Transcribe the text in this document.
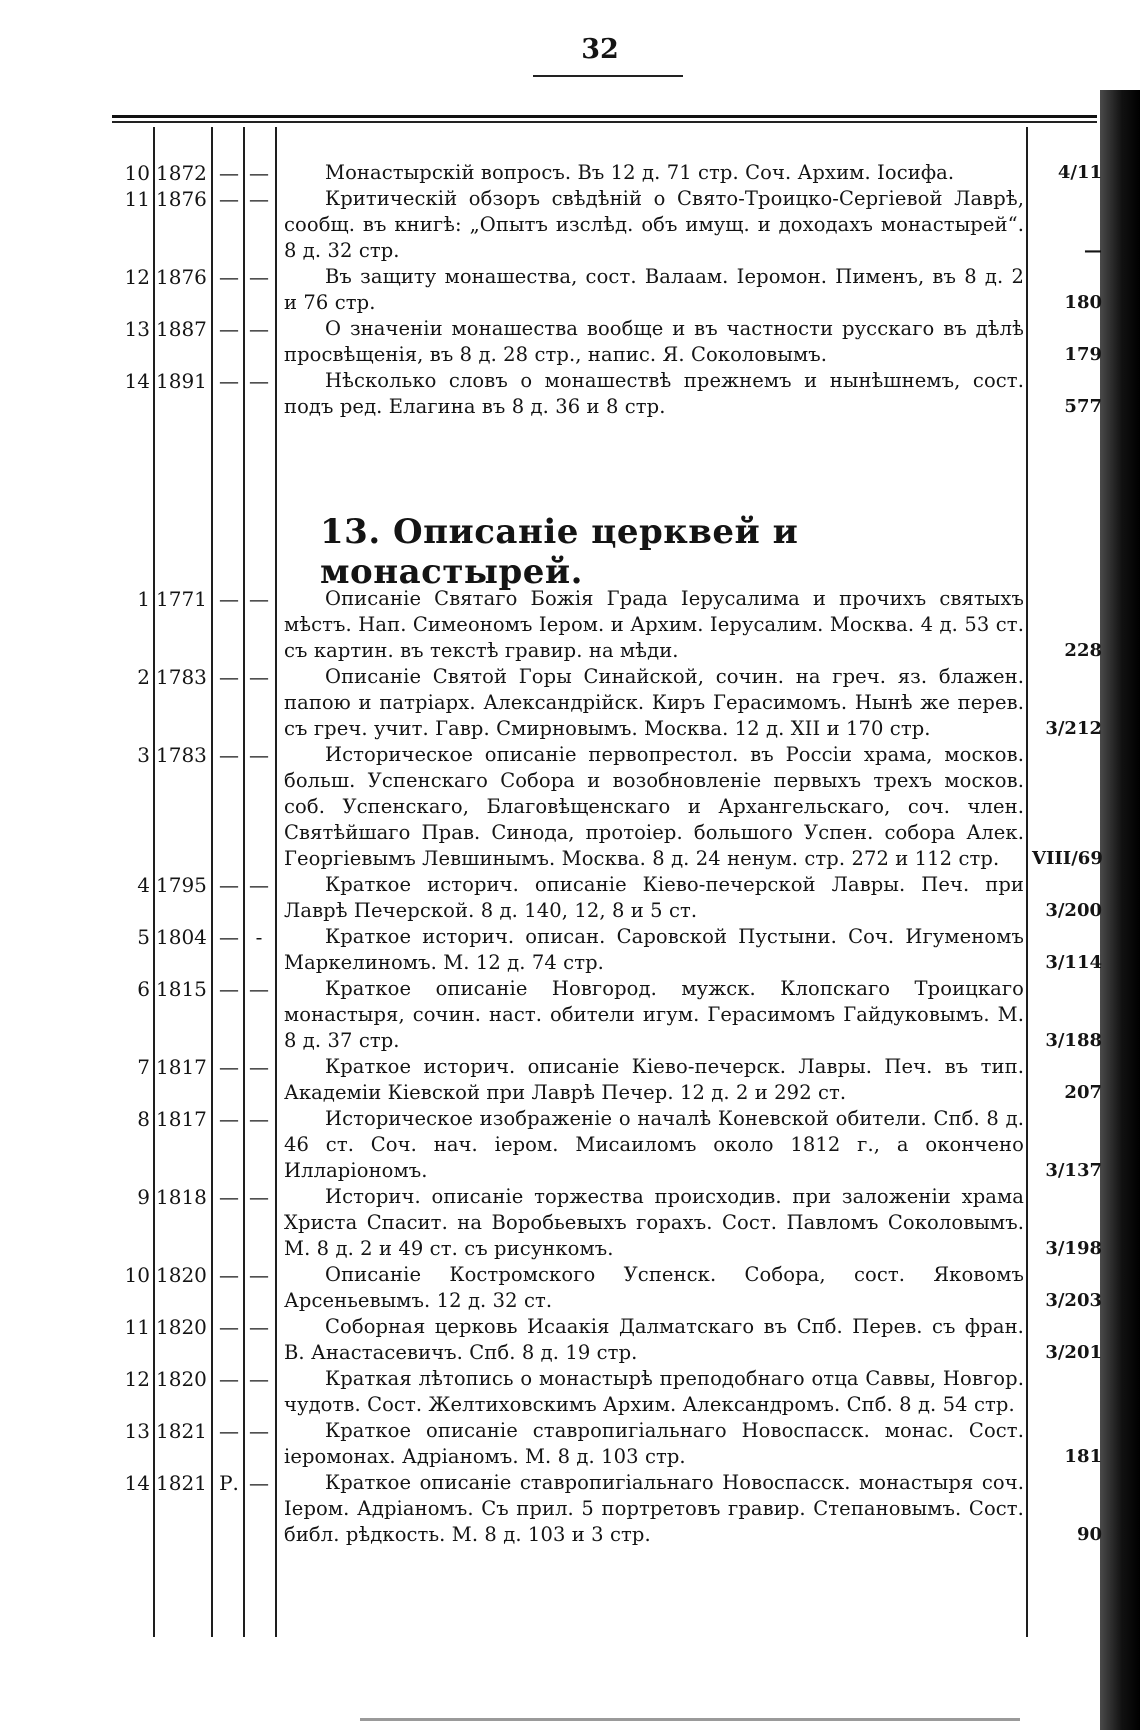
32
13. Описаніе церквей и монастырей.
10 1872 — —	Монастырскій вопросъ. Въ 12 д. 71 стр. Соч. Архим. Іосифа.	4/11
11 1876 — —	Критическій обзоръ свѣдѣній о Свято-Троицко-Сергіевой Лаврѣ, сообщ. въ книгѣ: „Опытъ изслѣд. объ имущ. и доходахъ монастырей“. 8 д. 32 стр.	—
12 1876 — —	Въ защиту монашества, сост. Валаам. Іеромон. Пименъ, въ 8 д. 2 и 76 стр.	180
13 1887 — —	О значеніи монашества вообще и въ частности русскаго въ дѣлѣ просвѣщенія, въ 8 д. 28 стр., напис. Я. Соколовымъ.	179
14 1891 — —	Нѣсколько словъ о монашествѣ прежнемъ и нынѣшнемъ, сост. подъ ред. Елагина въ 8 д. 36 и 8 стр.	577
1 1771 — —	Описаніе Святаго Божія Града Іерусалима и прочихъ святыхъ мѣстъ. Нап. Симеономъ Іером. и Архим. Іерусалим. Москва. 4 д. 53 ст. съ картин. въ текстѣ гравир. на мѣди.	228
2 1783 — —	Описаніе Святой Горы Синайской, сочин. на греч. яз. блажен. папою и патріарх. Александрійск. Киръ Герасимомъ. Нынѣ же перев. съ греч. учит. Гавр. Смирновымъ. Москва. 12 д. XII и 170 стр.	3/212
3 1783 — —	Историческое описаніе первопрестол. въ Россіи храма, москов. больш. Успенскаго Собора и возобновленіе первыхъ трехъ москов. соб. Успенскаго, Благовѣщенскаго и Архангельскаго, соч. член. Святѣйшаго Прав. Синода, протоіер. большого Успен. собора Алек. Георгіевымъ Левшинымъ. Москва. 8 д. 24 ненум. стр. 272 и 112 стр.	VIII/69
4 1795 — —	Краткое историч. описаніе Кіево-печерской Лавры. Печ. при Лаврѣ Печерской. 8 д. 140, 12, 8 и 5 ст.	3/200
5 1804 — -	Краткое историч. описан. Саровской Пустыни. Соч. Игуменомъ Маркелиномъ. М. 12 д. 74 стр.	3/114
6 1815 — —	Краткое описаніе Новгород. мужск. Клопскаго Троицкаго монастыря, сочин. наст. обители игум. Герасимомъ Гайдуковымъ. М. 8 д. 37 стр.	3/188
7 1817 — —	Краткое историч. описаніе Кіево-печерск. Лавры. Печ. въ тип. Академіи Кіевской при Лаврѣ Печер. 12 д. 2 и 292 ст.	207
8 1817 — —	Историческое изображеніе о началѣ Коневской обители. Спб. 8 д. 46 ст. Соч. нач. іером. Мисаиломъ около 1812 г., а окончено Илларіономъ.	3/137
9 1818 — —	Историч. описаніе торжества происходив. при заложеніи храма Христа Спасит. на Воробьевыхъ горахъ. Сост. Павломъ Соколовымъ. М. 8 д. 2 и 49 ст. съ рисункомъ.	3/198
10 1820 — —	Описаніе Костромского Успенск. Собора, сост. Яковомъ Арсеньевымъ. 12 д. 32 ст.	3/203
11 1820 — —	Соборная церковь Исаакія Далматскаго въ Спб. Перев. съ фран. В. Анастасевичъ. Спб. 8 д. 19 стр.	3/201
12 1820 — —	Краткая лѣтопись о монастырѣ преподобнаго отца Саввы, Новгор. чудотв. Сост. Желтиховскимъ Архим. Александромъ. Спб. 8 д. 54 стр.
13 1821 — —	Краткое описаніе ставропигіальнаго Новоспасск. монас. Сост. іеромонах. Адріаномъ. М. 8 д. 103 стр.	181
14 1821 Р. —	Краткое описаніе ставропигіальнаго Новоспасск. монастыря соч. Іером. Адріаномъ. Съ прил. 5 портретовъ гравир. Степановымъ. Сост. библ. рѣдкость. М. 8 д. 103 и 3 стр.	90
